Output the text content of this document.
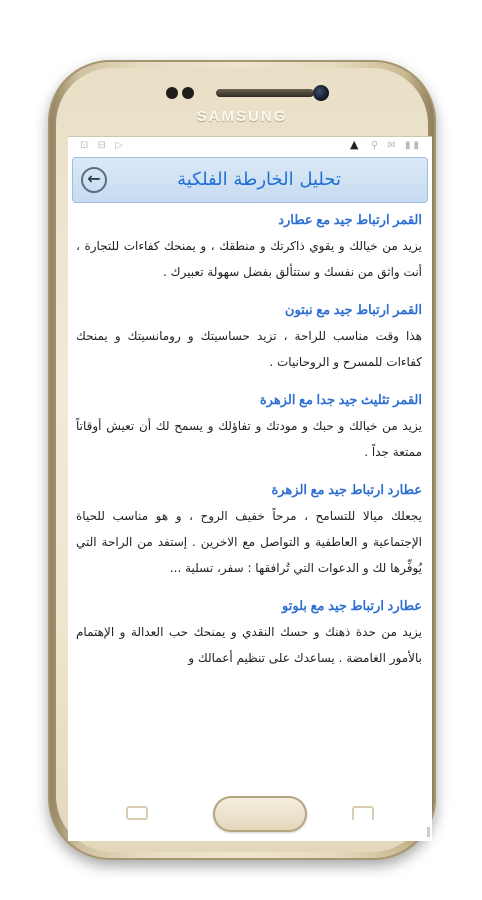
SAMSUNG
⊡ ⊟ ▷	▲ ⚲ ✉ ▮▮
←	تحليل الخارطة الفلكية
القمر ارتباط جيد مع عطارد
يزيد من خيالك و يقوي ذاكرتك و منطقك ، و يمنحك كفاءات للتجارة ، أنت واثق من نفسك و ستتألق بفضل سهولة تعبيرك .
القمر ارتباط جيد مع نبتون
هذا وقت مناسب للراحة ، تزيد حساسيتك و رومانسيتك و يمنحك كفاءات للمسرح و الروحانيات .
القمر تثليث جيد جدا مع الزهرة
يزيد من خيالك و حبك و مودتك و تفاؤلك و يسمح لك أن تعيش أوقاتاً ممتعة جداً .
عطارد ارتباط جيد مع الزهرة
يجعلك ميالا للتسامح ، مرحاً خفيف الروح ، و هو مناسب للحياة الإجتماعية و العاطفية و التواصل مع الاخرين . إستفد من الراحة التي يُوفِّرها لك و الدعوات التي تُرافقها : سفر، تسلية ...
عطارد ارتباط جيد مع بلوتو
يزيد من حدة ذهنك و حسك النقدي و يمنحك حب العدالة و الإهتمام بالأمور الغامضة . يساعدك على تنظيم أعمالك و
